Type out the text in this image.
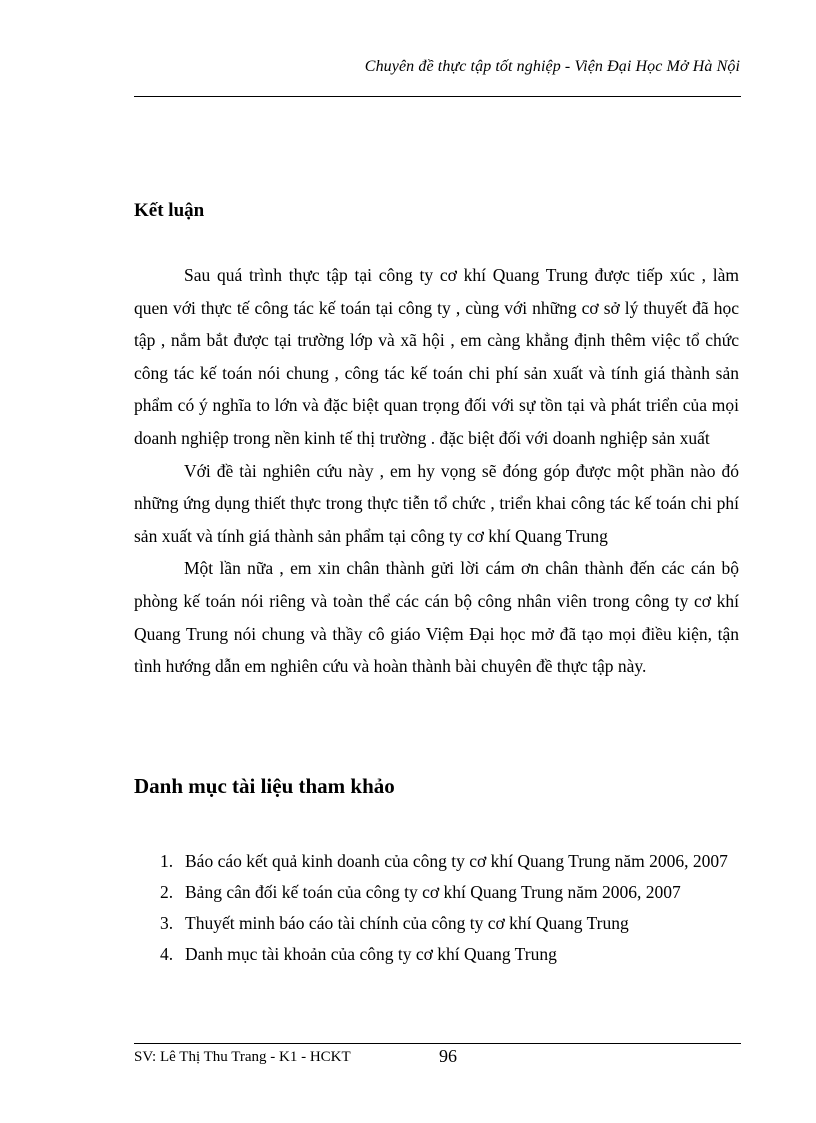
Chuyên đề thực tập tốt nghiệp - Viện Đại Học Mở Hà Nội
Kết luận

Sau quá trình thực tập tại công ty cơ khí Quang Trung được tiếp xúc , làm quen với thực tế công tác kế toán tại công ty , cùng với những cơ sở lý thuyết đã học tập , nắm bắt được tại trường lớp và xã hội , em càng khẳng định thêm việc tổ chức công tác kế toán nói chung , công tác kế toán chi phí sản xuất và tính giá thành sản phẩm có ý nghĩa to lớn và đặc biệt quan trọng đối với sự tồn tại và phát triển của mọi doanh nghiệp trong nền kinh tế thị trường . đặc biệt đối với doanh nghiệp sản xuất

Với đề tài nghiên cứu này , em hy vọng sẽ đóng góp được một phần nào đó những ứng dụng thiết thực trong thực tiễn tổ chức , triển khai công tác kế toán chi phí sản xuất và tính giá thành sản phẩm tại công ty cơ khí Quang Trung

Một lần nữa , em xin chân thành gửi lời cám ơn chân thành đến các cán bộ phòng kế toán nói riêng và toàn thể các cán bộ công nhân viên trong công ty cơ khí Quang Trung nói chung và thầy cô giáo Việm Đại học mở đã tạo mọi điều kiện, tận tình hướng dẫn em nghiên cứu và hoàn thành bài chuyên đề thực tập này.

Danh mục tài liệu tham khảo
1. Báo cáo kết quả kinh doanh của công ty cơ khí Quang Trung năm 2006, 2007
2. Bảng cân đối kế toán của công ty cơ khí Quang Trung năm 2006, 2007
3. Thuyết minh báo cáo tài chính của công ty cơ khí Quang Trung
4. Danh mục tài khoản của công ty cơ khí Quang Trung
SV: Lê Thị Thu Trang - K1 - HCKT	96
